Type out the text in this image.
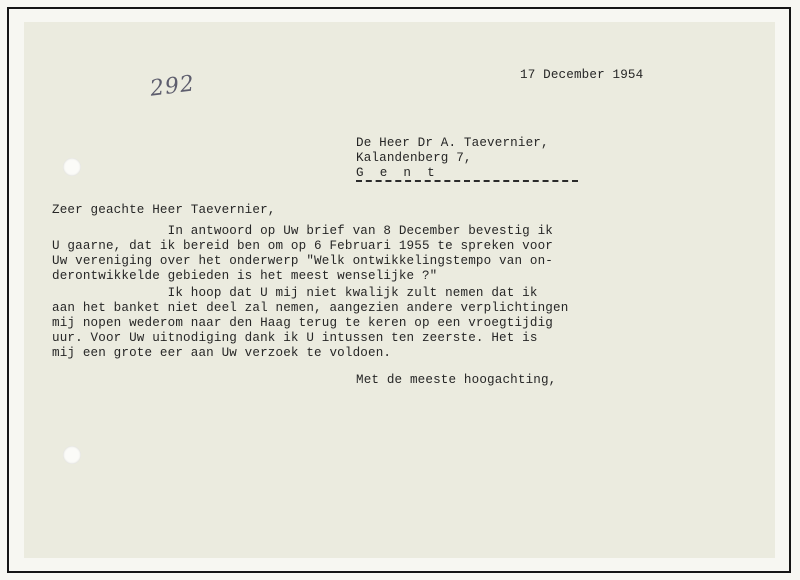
292	17 December 1954
De Heer Dr A. Taevernier,
Kalandenberg 7,
G e n t
Zeer geachte Heer Taevernier,
In antwoord op Uw brief van 8 December bevestig ik
U gaarne, dat ik bereid ben om op 6 Februari 1955 te spreken voor
Uw vereniging over het onderwerp "Welk ontwikkelingstempo van on-
derontwikkelde gebieden is het meest wenselijke ?"
Ik hoop dat U mij niet kwalijk zult nemen dat ik
aan het banket niet deel zal nemen, aangezien andere verplichtingen
mij nopen wederom naar den Haag terug te keren op een vroegtijdig
uur. Voor Uw uitnodiging dank ik U intussen ten zeerste. Het is
mij een grote eer aan Uw verzoek te voldoen.
Met de meeste hoogachting,
